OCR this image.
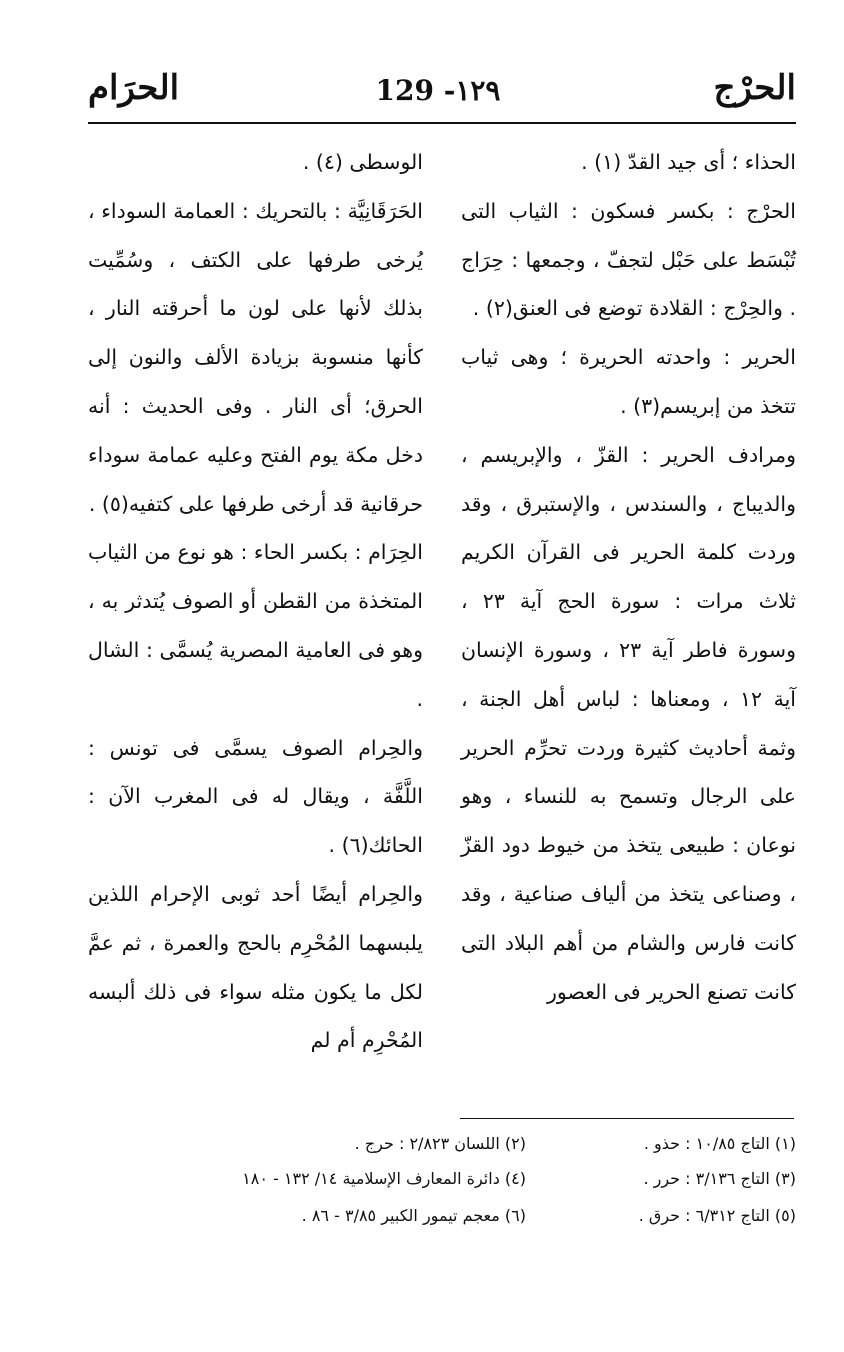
الحرْج
129 -١٢٩
الحرَام

الحذاء ؛ أى جيد القدّ (١) .

الحرْج : بكسر فسكون : الثياب التى تُبْسَط على حَبْل لتجفّ ، وجمعها : حِرَاج . والحِرْج : القلادة توضع فى العنق(٢) .

الحرير : واحدته الحريرة ؛ وهى ثياب تتخذ من إبريسم(٣) .

ومرادف الحرير : القزّ ، والإبريسم ، والديباج ، والسندس ، والإستبرق ، وقد وردت كلمة الحرير فى القرآن الكريم ثلاث مرات : سورة الحج آية ٢٣ ، وسورة فاطر آية ٢٣ ، وسورة الإنسان آية ١٢ ، ومعناها : لباس أهل الجنة ، وثمة أحاديث كثيرة وردت تحرِّم الحرير على الرجال وتسمح به للنساء ، وهو نوعان : طبيعى يتخذ من خيوط دود القزّ ، وصناعى يتخذ من ألياف صناعية ، وقد كانت فارس والشام من أهم البلاد التى كانت تصنع الحرير فى العصور

الوسطى (٤) .

الحَرَقَانِيَّة : بالتحريك : العمامة السوداء ، يُرخى طرفها على الكتف ، وسُمِّيت بذلك لأنها على لون ما أحرقته النار ، كأنها منسوبة بزيادة الألف والنون إلى الحرق؛ أى النار . وفى الحديث : أنه دخل مكة يوم الفتح وعليه عمامة سوداء حرقانية قد أرخى طرفها على كتفيه(٥) .

الحِرَام : بكسر الحاء : هو نوع من الثياب المتخذة من القطن أو الصوف يُتدثر به ، وهو فى العامية المصرية يُسمَّى : الشال .

والحِرام الصوف يسمَّى فى تونس : اللَّفَّة ، ويقال له فى المغرب الآن : الحائك(٦) .

والحِرام أيضًا أحد ثوبى الإحرام اللذين يلبسهما المُحْرِم بالحج والعمرة ، ثم عمَّ لكل ما يكون مثله سواء فى ذلك ألبسه المُحْرِم أم لم

(١) التاج ١٠/٨٥ : حذو .
(٢) اللسان ٢/٨٢٣ : حرج .
(٣) التاج ٣/١٣٦ : حرر .
(٤) دائرة المعارف الإسلامية ١٤/ ١٣٢ - ١٨٠
(٥) التاج ٦/٣١٢ : حرق .
(٦) معجم تيمور الكبير ٣/٨٥ - ٨٦ .
